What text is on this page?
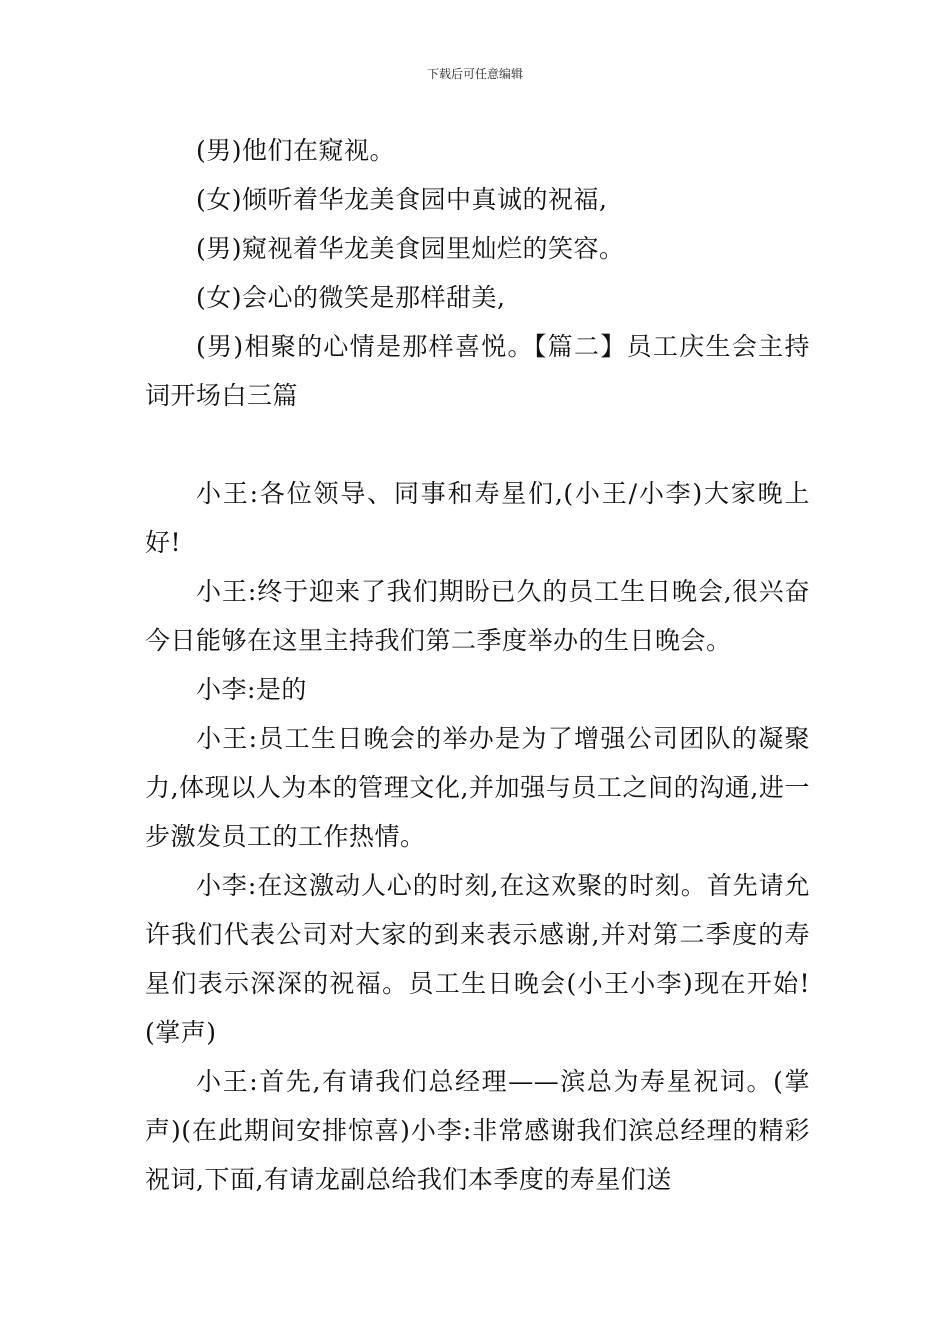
下载后可任意编辑

(男)他们在窥视。

(女)倾听着华龙美食园中真诚的祝福,

(男)窥视着华龙美食园里灿烂的笑容。

(女)会心的微笑是那样甜美,

(男)相聚的心情是那样喜悦。【篇二】员工庆生会主持词开场白三篇

小王:各位领导、同事和寿星们,(小王/小李)大家晚上好!

小王:终于迎来了我们期盼已久的员工生日晚会,很兴奋今日能够在这里主持我们第二季度举办的生日晚会。

小李:是的

小王:员工生日晚会的举办是为了增强公司团队的凝聚力,体现以人为本的管理文化,并加强与员工之间的沟通,进一步激发员工的工作热情。

小李:在这激动人心的时刻,在这欢聚的时刻。首先请允许我们代表公司对大家的到来表示感谢,并对第二季度的寿星们表示深深的祝福。员工生日晚会(小王小李)现在开始!(掌声)

小王:首先,有请我们总经理——滨总为寿星祝词。(掌声)(在此期间安排惊喜)小李:非常感谢我们滨总经理的精彩祝词,下面,有请龙副总给我们本季度的寿星们送
